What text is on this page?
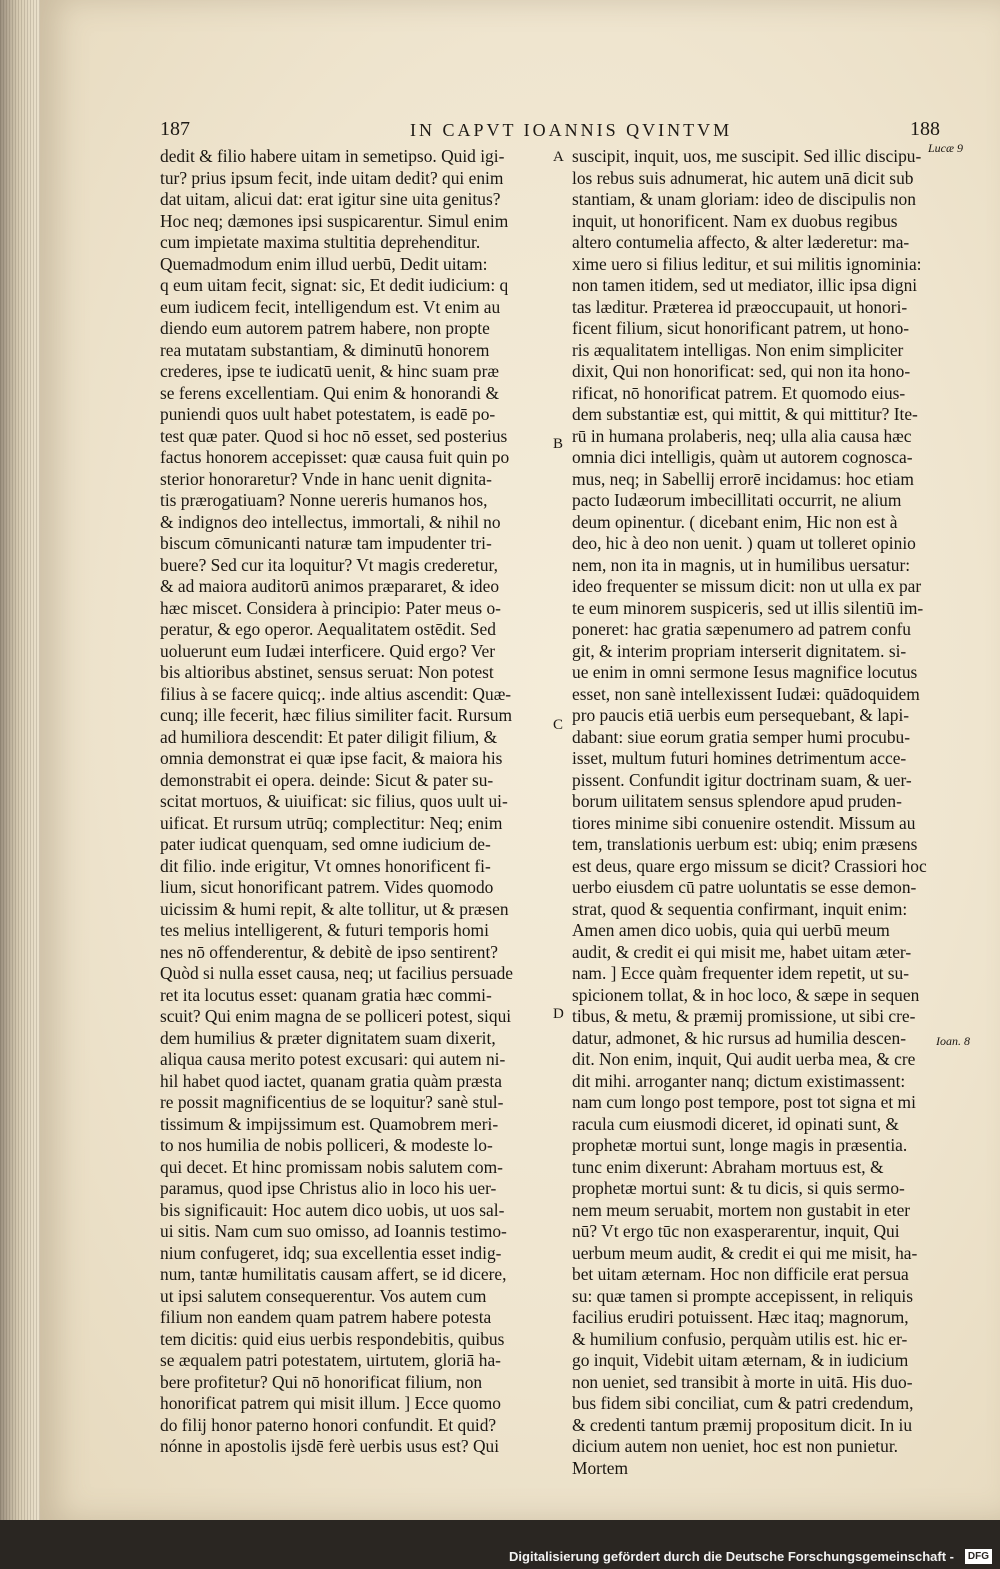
187	IN CAPVT IOANNIS QVINTVM	188
dedit & filio habere uitam in semetipso. Quid igi-
tur? prius ipsum fecit, inde uitam dedit? qui enim
dat uitam, alicui dat: erat igitur sine uita genitus?
Hoc neq; dæmones ipsi suspicarentur. Simul enim
cum impietate maxima stultitia deprehenditur.
Quemadmodum enim illud uerbū, Dedit uitam:
q eum uitam fecit, signat: sic, Et dedit iudicium: q
eum iudicem fecit, intelligendum est. Vt enim au
diendo eum autorem patrem habere, non propte
rea mutatam substantiam, & diminutū honorem
crederes, ipse te iudicatū uenit, & hinc suam præ
se ferens excellentiam. Qui enim & honorandi &
puniendi quos uult habet potestatem, is eadē po-
test quæ pater. Quod si hoc nō esset, sed posterius
factus honorem accepisset: quæ causa fuit quin po
sterior honoraretur? Vnde in hanc uenit dignita-
tis prærogatiuam? Nonne uereris humanos hos,
& indignos deo intellectus, immortali, & nihil no
biscum cōmunicanti naturæ tam impudenter tri-
buere? Sed cur ita loquitur? Vt magis crederetur,
& ad maiora auditorū animos præpararet, & ideo
hæc miscet. Considera à principio: Pater meus o-
peratur, & ego operor. Aequalitatem ostēdit. Sed
uoluerunt eum Iudæi interficere. Quid ergo? Ver
bis altioribus abstinet, sensus seruat: Non potest
filius à se facere quicq;. inde altius ascendit: Quæ-
cunq; ille fecerit, hæc filius similiter facit. Rursum
ad humiliora descendit: Et pater diligit filium, &
omnia demonstrat ei quæ ipse facit, & maiora his
demonstrabit ei opera. deinde: Sicut & pater su-
scitat mortuos, & uiuificat: sic filius, quos uult ui-
uificat. Et rursum utrūq; complectitur: Neq; enim
pater iudicat quenquam, sed omne iudicium de-
dit filio. inde erigitur, Vt omnes honorificent fi-
lium, sicut honorificant patrem. Vides quomodo
uicissim & humi repit, & alte tollitur, ut & præsen
tes melius intelligerent, & futuri temporis homi
nes nō offenderentur, & debitè de ipso sentirent?
Quòd si nulla esset causa, neq; ut facilius persuade
ret ita locutus esset: quanam gratia hæc commi-
scuit? Qui enim magna de se polliceri potest, siqui
dem humilius & præter dignitatem suam dixerit,
aliqua causa merito potest excusari: qui autem ni-
hil habet quod iactet, quanam gratia quàm præsta
re possit magnificentius de se loquitur? sanè stul-
tissimum & impijssimum est. Quamobrem meri-
to nos humilia de nobis polliceri, & modeste lo-
qui decet. Et hinc promissam nobis salutem com-
paramus, quod ipse Christus alio in loco his uer-
bis significauit: Hoc autem dico uobis, ut uos sal-
ui sitis. Nam cum suo omisso, ad Ioannis testimo-
nium confugeret, idq; sua excellentia esset indig-
num, tantæ humilitatis causam affert, se id dicere,
ut ipsi salutem consequerentur. Vos autem cum
filium non eandem quam patrem habere potesta
tem dicitis: quid eius uerbis respondebitis, quibus
se æqualem patri potestatem, uirtutem, gloriā ha-
bere profitetur? Qui nō honorificat filium, non
honorificat patrem qui misit illum. ] Ecce quomo
do filij honor paterno honori confundit. Et quid?
nónne in apostolis ijsdē ferè uerbis usus est? Qui
suscipit, inquit, uos, me suscipit. Sed illic discipu-
los rebus suis adnumerat, hic autem unā dicit sub
stantiam, & unam gloriam: ideo de discipulis non
inquit, ut honorificent. Nam ex duobus regibus
altero contumelia affecto, & alter læderetur: ma-
xime uero si filius leditur, et sui militis ignominia:
non tamen itidem, sed ut mediator, illic ipsa digni
tas læditur. Præterea id præoccupauit, ut honori-
ficent filium, sicut honorificant patrem, ut hono-
ris æqualitatem intelligas. Non enim simpliciter
dixit, Qui non honorificat: sed, qui non ita hono-
rificat, nō honorificat patrem. Et quomodo eius-
dem substantiæ est, qui mittit, & qui mittitur? Ite-
rū in humana prolaberis, neq; ulla alia causa hæc
omnia dici intelligis, quàm ut autorem cognosca-
mus, neq; in Sabellij errorē incidamus: hoc etiam
pacto Iudæorum imbecillitati occurrit, ne alium
deum opinentur. ( dicebant enim, Hic non est à
deo, hic à deo non uenit. ) quam ut tolleret opinio
nem, non ita in magnis, ut in humilibus uersatur:
ideo frequenter se missum dicit: non ut ulla ex par
te eum minorem suspiceris, sed ut illis silentiū im-
poneret: hac gratia sæpenumero ad patrem confu
git, & interim propriam interserit dignitatem. si-
ue enim in omni sermone Iesus magnifice locutus
esset, non sanè intellexissent Iudæi: quādoquidem
pro paucis etiā uerbis eum persequebant, & lapi-
dabant: siue eorum gratia semper humi procubu-
isset, multum futuri homines detrimentum acce-
pissent. Confundit igitur doctrinam suam, & uer-
borum uilitatem sensus splendore apud pruden-
tiores minime sibi conuenire ostendit. Missum au
tem, translationis uerbum est: ubiq; enim præsens
est deus, quare ergo missum se dicit? Crassiori hoc
uerbo eiusdem cū patre uoluntatis se esse demon-
strat, quod & sequentia confirmant, inquit enim:
Amen amen dico uobis, quia qui uerbū meum
audit, & credit ei qui misit me, habet uitam æter-
nam. ] Ecce quàm frequenter idem repetit, ut su-
spicionem tollat, & in hoc loco, & sæpe in sequen
tibus, & metu, & præmij promissione, ut sibi cre-
datur, admonet, & hic rursus ad humilia descen-
dit. Non enim, inquit, Qui audit uerba mea, & cre
dit mihi. arroganter nanq; dictum existimassent:
nam cum longo post tempore, post tot signa et mi
racula cum eiusmodi diceret, id opinati sunt, &
prophetæ mortui sunt, longe magis in præsentia.
tunc enim dixerunt: Abraham mortuus est, &
prophetæ mortui sunt: & tu dicis, si quis sermo-
nem meum seruabit, mortem non gustabit in eter
nū? Vt ergo tūc non exasperarentur, inquit, Qui
uerbum meum audit, & credit ei qui me misit, ha-
bet uitam æternam. Hoc non difficile erat persua
su: quæ tamen si prompte accepissent, in reliquis
facilius erudiri potuissent. Hæc itaq; magnorum,
& humilium confusio, perquàm utilis est. hic er-
go inquit, Videbit uitam æternam, & in iudicium
non ueniet, sed transibit à morte in uitā. His duo-
bus fidem sibi conciliat, cum & patri credendum,
& credenti tantum præmij propositum dicit. In iu
dicium autem non ueniet, hoc est non punietur.
Mortem
A
B
C
D
Lucæ 9
Ioan. 8
Digitalisierung gefördert durch die Deutsche Forschungsgemeinschaft -	DFG
